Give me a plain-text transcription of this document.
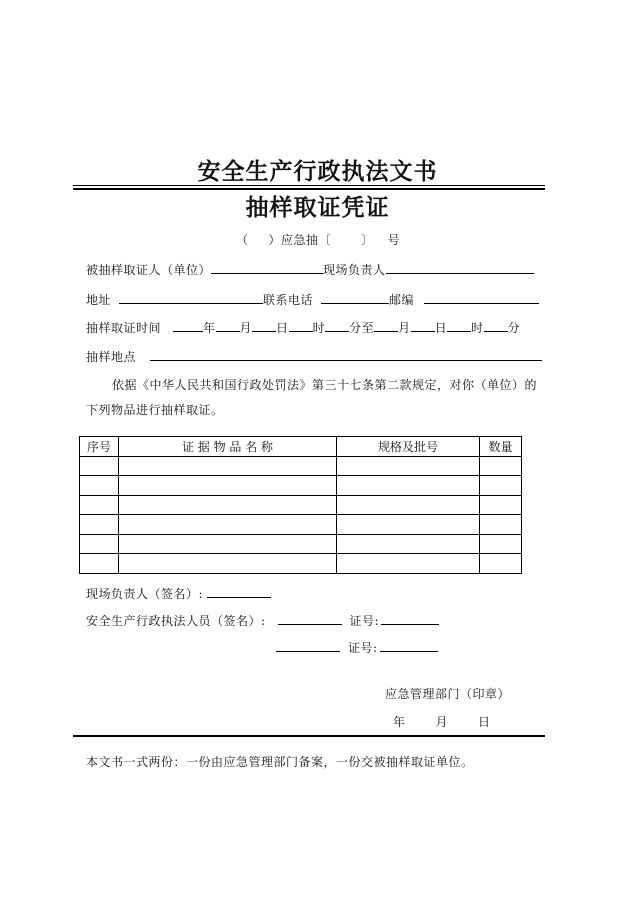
安全生产行政执法文书
抽样取证凭证
（ ）应急抽〔	〕 号
被抽样取证人（单位）	现场负责人
地址	联系电话	邮编
抽样取证时间	年 月 日 时 分至 月 日 时 分
抽样地点
依据《中华人民共和国行政处罚法》第三十七条第二款规定，对你（单位）的
下列物品进行抽样取证。
序号	证 据 物 品 名 称	规格及批号	数量

现场负责人（签名）:
安全生产行政执法人员（签名）:	证号:
证号:
应急管理部门（印章）
年	月	日
本文书一式两份：一份由应急管理部门备案，一份交被抽样取证单位。
